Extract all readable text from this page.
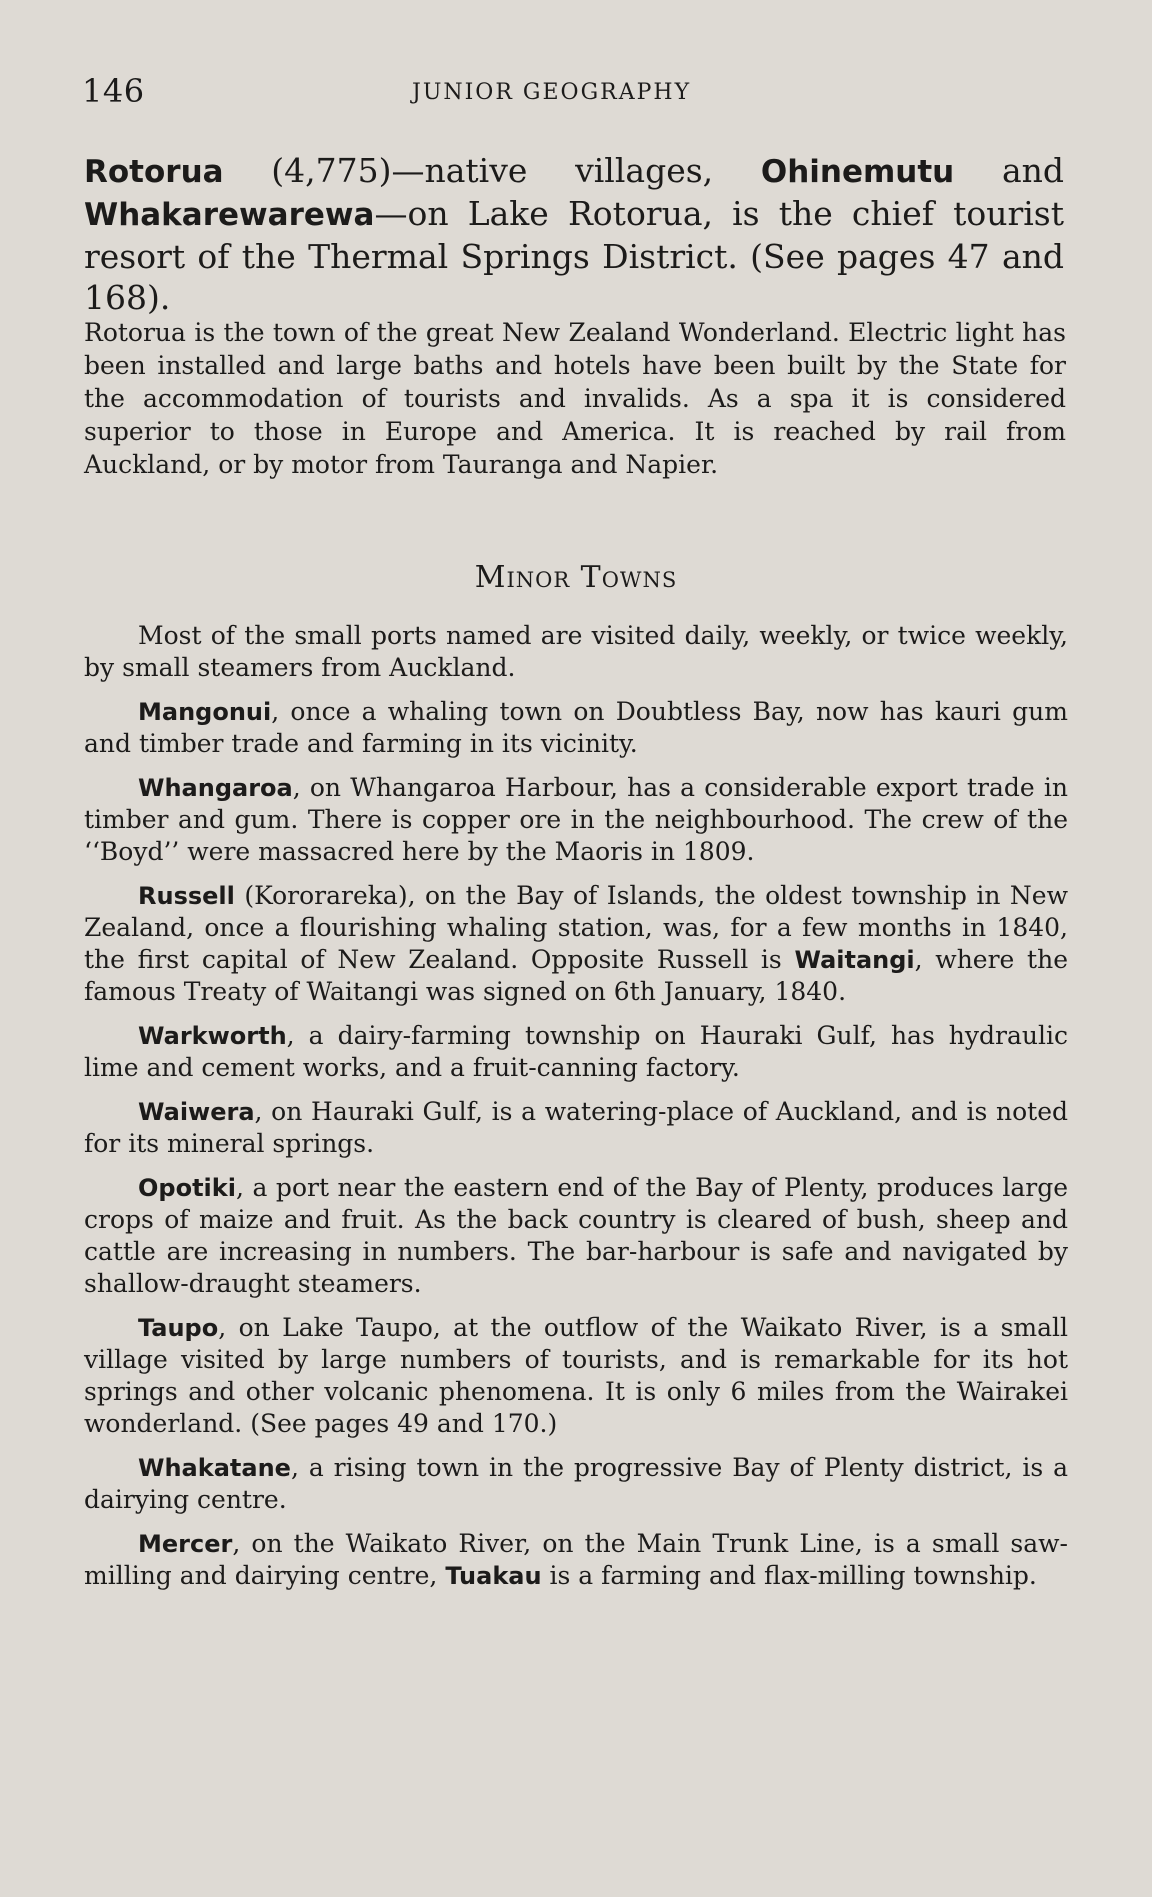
146	JUNIOR GEOGRAPHY
Rotorua (4,775)—native villages, Ohinemutu and Whakarewarewa—on Lake Rotorua, is the chief tourist resort of the Thermal Springs District. (See pages 47 and 168).
Rotorua is the town of the great New Zealand Wonderland. Electric light has been installed and large baths and hotels have been built by the State for the accommodation of tourists and invalids. As a spa it is considered superior to those in Europe and America. It is reached by rail from Auckland, or by motor from Tauranga and Napier.
Minor Towns

Most of the small ports named are visited daily, weekly, or twice weekly, by small steamers from Auckland.

Mangonui, once a whaling town on Doubtless Bay, now has kauri gum and timber trade and farming in its vicinity.

Whangaroa, on Whangaroa Harbour, has a considerable export trade in timber and gum. There is copper ore in the neighbourhood. The crew of the ‘‘Boyd’’ were massacred here by the Maoris in 1809.

Russell (Kororareka), on the Bay of Islands, the oldest township in New Zealand, once a flourishing whaling station, was, for a few months in 1840, the first capital of New Zealand. Opposite Russell is Waitangi, where the famous Treaty of Waitangi was signed on 6th January, 1840.

Warkworth, a dairy-farming township on Hauraki Gulf, has hydraulic lime and cement works, and a fruit-canning factory.

Waiwera, on Hauraki Gulf, is a watering-place of Auckland, and is noted for its mineral springs.

Opotiki, a port near the eastern end of the Bay of Plenty, produces large crops of maize and fruit. As the back country is cleared of bush, sheep and cattle are increasing in numbers. The bar-harbour is safe and navigated by shallow-draught steamers.

Taupo, on Lake Taupo, at the outflow of the Waikato River, is a small village visited by large numbers of tourists, and is remarkable for its hot springs and other volcanic phenomena. It is only 6 miles from the Wairakei wonderland. (See pages 49 and 170.)

Whakatane, a rising town in the progressive Bay of Plenty district, is a dairying centre.

Mercer, on the Waikato River, on the Main Trunk Line, is a small saw-milling and dairying centre, Tuakau is a farming and flax-milling township.
